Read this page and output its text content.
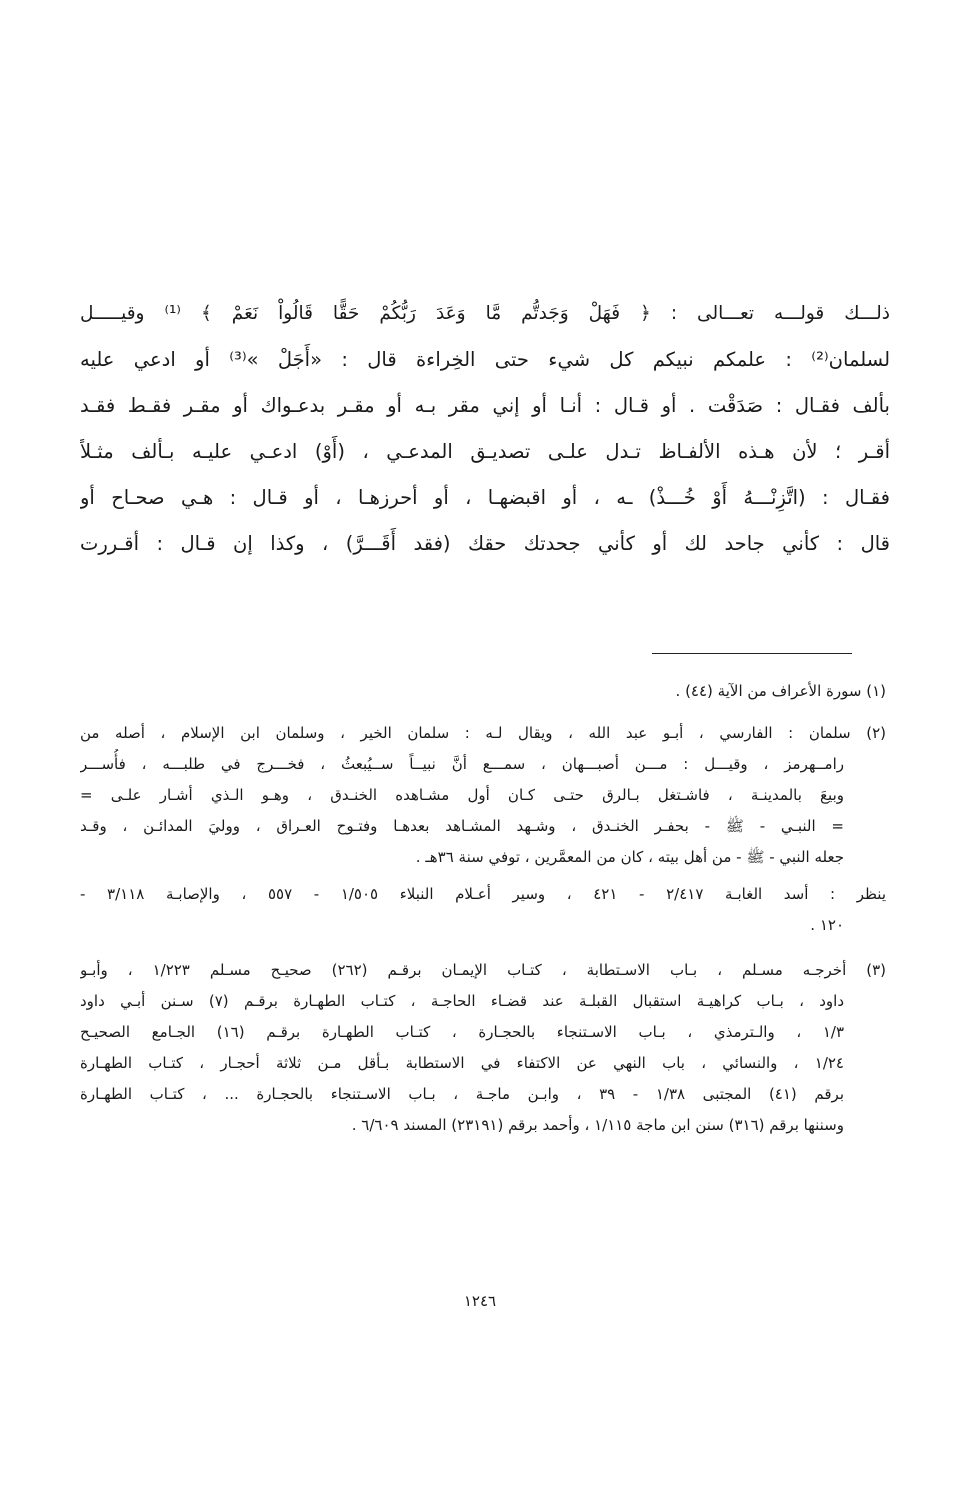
ذلـــك قولـــه تعـــالى : ﴿ فَهَلْ وَجَدتُّم مَّا وَعَدَ رَبُّكُمْ حَقًّا قَالُواْ نَعَمْ ﴾ ⁽¹⁾ وقيـــــل
لسلمان⁽²⁾ : علمكم نبيكم كل شيء حتى الخِراءة قال : «أَجَلْ »⁽³⁾ أو ادعي عليه
بألف فقـال : صَدَقْت . أو قـال : أنـا أو إني مقر بـه أو مقـر بدعـواك أو مقـر فقـط فقـد
أقـر ؛ لأن هـذه الألفـاظ تـدل علـى تصديـق المدعـي ، (أَوْ) ادعـي عليـه بـألف مثـلاً
فقـال : (اتَّزِنْـــهُ أَوْ خُـــذْ) ـه ، أو اقبضهـا ، أو أحرزهـا ، أو قـال : هـي صحـاح أو
قال : كأني جاحد لك أو كأني جحدتك حقك (فقد أَقَـــرَّ) ، وكذا إن قـال : أقـررت
(١) سورة الأعراف من الآية (٤٤) .
(٢) سلمان : الفارسي ، أبـو عبد الله ، ويقال لـه : سلمان الخير ، وسلمان ابن الإسلام ، أصله من
رامــهرمز ، وقيـــل : مـــن أصبـــهان ، سمـــع أنَّ نبيــاً ســيُبعثُ ، فخـــرج في طلبـــه ، فأُســـر
وبيعَ بالمدينـة ، فاشـتغل بـالرق حتـى كـان أول مشـاهده الخنـدق ، وهـو الـذي أشـار علـى =
= النبـي - ﷺ - بحفـر الخنـدق ، وشـهد المشـاهد بعدهـا وفتـوح العـراق ، ووليَ المدائـن ، وقـد
جعله النبي - ﷺ - من أهل بيته ، كان من المعمَّرين ، توفي سنة ٣٦هـ .
ينظر : أسد الغابـة ٢/٤١٧ - ٤٢١ ، وسير أعـلام النبلاء ١/٥٠٥ - ٥٥٧ ، والإصابـة ٣/١١٨ -
١٢٠ .
(٣) أخرجـه مسـلم ، بـاب الاسـتطابة ، كتـاب الإيمـان برقـم (٢٦٢) صحيـح مسـلم ١/٢٢٣ ، وأبـو
داود ، بـاب كراهيـة استقبال القبلـة عند قضـاء الحاجـة ، كتـاب الطهـارة برقـم (٧) سـنن أبـي داود
١/٣ ، والـترمذي ، بـاب الاسـتنجاء بالحجـارة ، كتـاب الطهـارة برقـم (١٦) الجـامع الصحيـح
١/٢٤ ، والنسائي ، باب النهي عن الاكتفاء في الاستطابة بـأقل مـن ثلاثة أحجـار ، كتـاب الطهـارة
برقم (٤١) المجتبى ١/٣٨ - ٣٩ ، وابـن ماجـة ، بـاب الاسـتنجاء بالحجـارة ... ، كتـاب الطهـارة
وسننها برقم (٣١٦) سنن ابن ماجة ١/١١٥ ، وأحمد برقم (٢٣١٩١) المسند ٦/٦٠٩ .
١٢٤٦
